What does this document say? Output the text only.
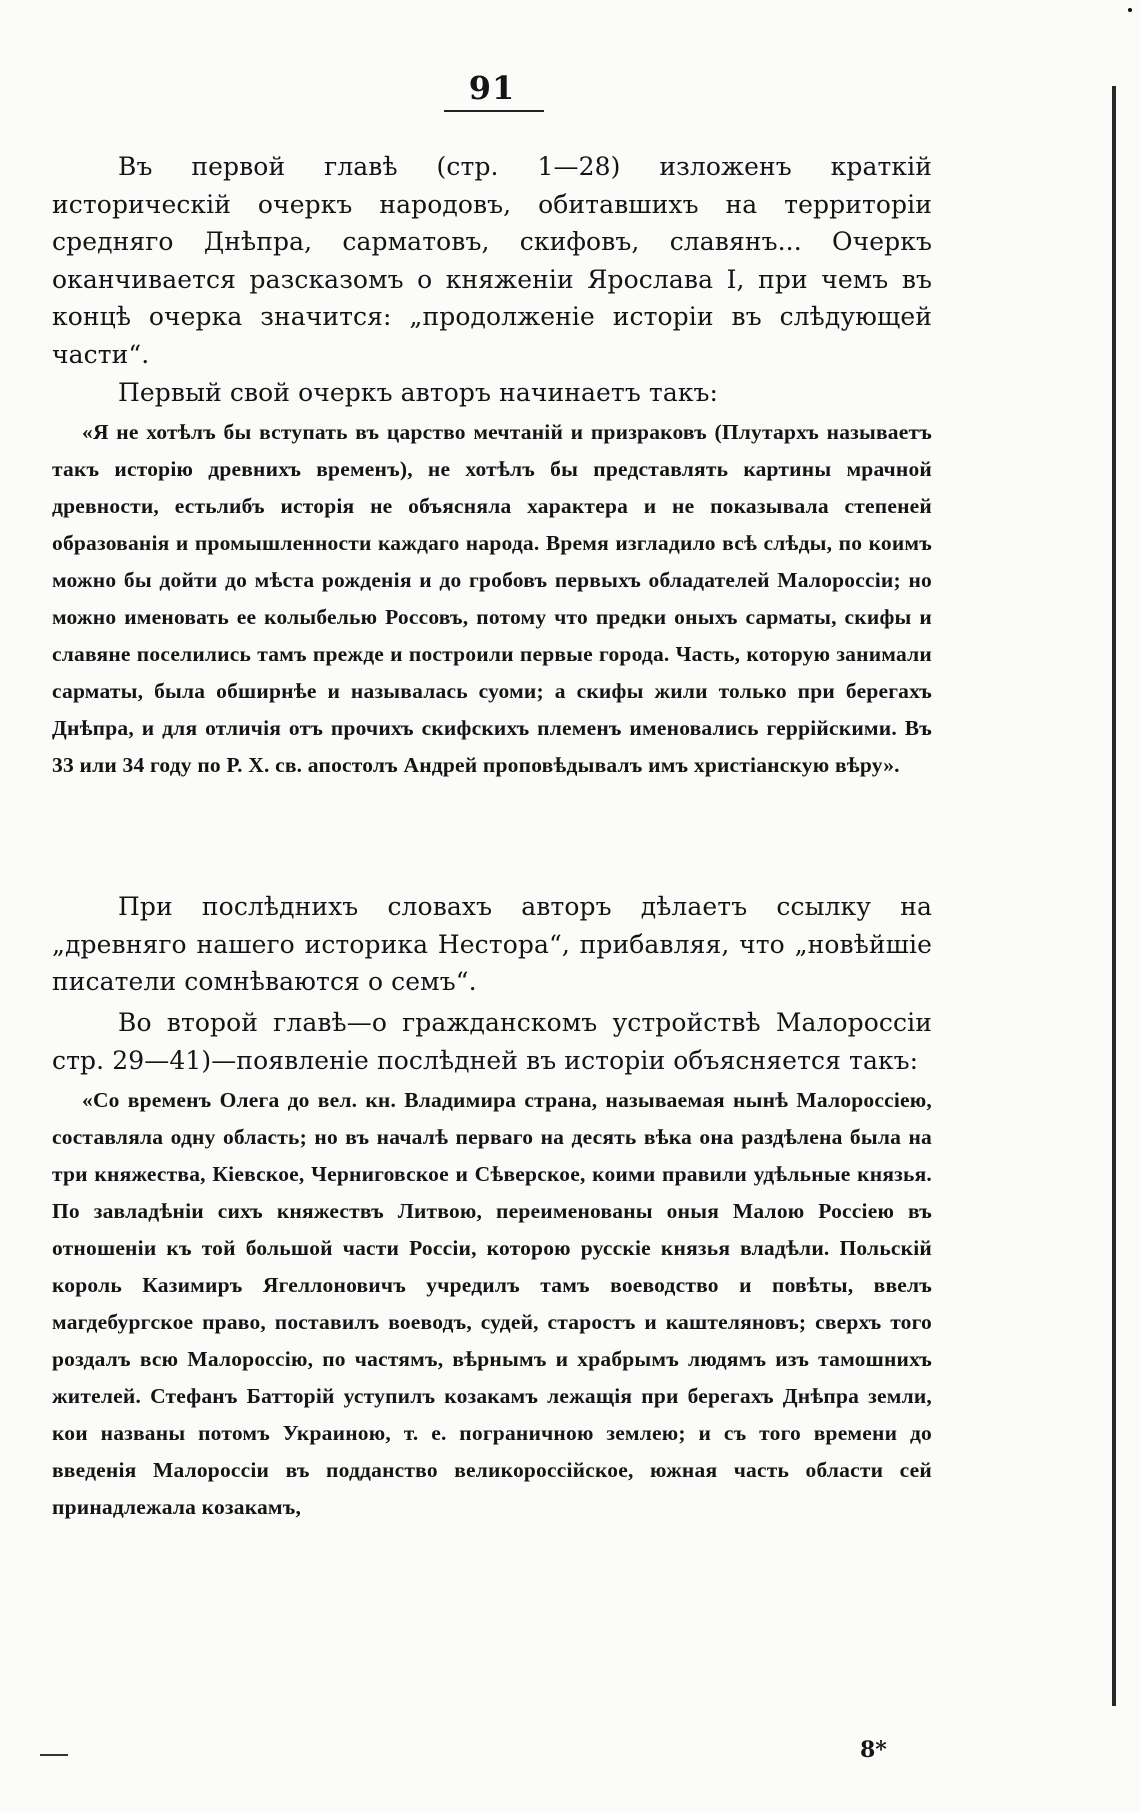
91

Въ первой главѣ (стр. 1—28) изложенъ краткій историческій очеркъ народовъ, обитавшихъ на территоріи средняго Днѣпра, сарматовъ, скифовъ, славянъ... Очеркъ оканчивается разсказомъ о княженіи Ярослава I, при чемъ въ концѣ очерка значится: „продолженіе исторіи въ слѣдующей части“.

Первый свой очеркъ авторъ начинаетъ такъ:

«Я не хотѣлъ бы вступать въ царство мечтаній и призраковъ (Плутархъ называетъ такъ исторію древнихъ временъ), не хотѣлъ бы представлять картины мрачной древности, естьлибъ исторія не объясняла характера и не показывала степеней образованія и промышленности каждаго народа. Время изгладило всѣ слѣды, по коимъ можно бы дойти до мѣста рожденія и до гробовъ первыхъ обладателей Малороссіи; но можно именовать ее колыбелью Россовъ, потому что предки оныхъ сарматы, скифы и славяне поселились тамъ прежде и построили первые города. Часть, которую занимали сарматы, была обширнѣе и называлась суоми; а скифы жили только при берегахъ Днѣпра, и для отличія отъ прочихъ скифскихъ племенъ именовались геррійскими. Въ 33 или 34 году по Р. Х. св. апостолъ Андрей проповѣдывалъ имъ христіанскую вѣру».

При послѣднихъ словахъ авторъ дѣлаетъ ссылку на „древняго нашего историка Нестора“, прибавляя, что „новѣйшіе писатели сомнѣваются о семъ“.

Во второй главѣ—о гражданскомъ устройствѣ Малороссіи стр. 29—41)—появленіе послѣдней въ исторіи объясняется такъ:

«Со временъ Олега до вел. кн. Владимира страна, называемая нынѣ Малороссіею, составляла одну область; но въ началѣ перваго на десять вѣка она раздѣлена была на три княжества, Кіевское, Черниговское и Сѣверское, коими правили удѣльные князья. По завладѣніи сихъ княжествъ Литвою, переименованы оныя Малою Россіею въ отношеніи къ той большой части Россіи, которою русскіе князья владѣли. Польскій король Казимиръ Ягеллоновичъ учредилъ тамъ воеводство и повѣты, ввелъ магдебургское право, поставилъ воеводъ, судей, старостъ и каштеляновъ; сверхъ того роздалъ всю Малороссію, по частямъ, вѣрнымъ и храбрымъ людямъ изъ тамошнихъ жителей. Стефанъ Батторій уступилъ козакамъ лежащія при берегахъ Днѣпра земли, кои названы потомъ Украиною, т. е. пограничною землею; и съ того времени до введенія Малороссіи въ подданство великороссійское, южная часть области сей принадлежала козакамъ,

8*
